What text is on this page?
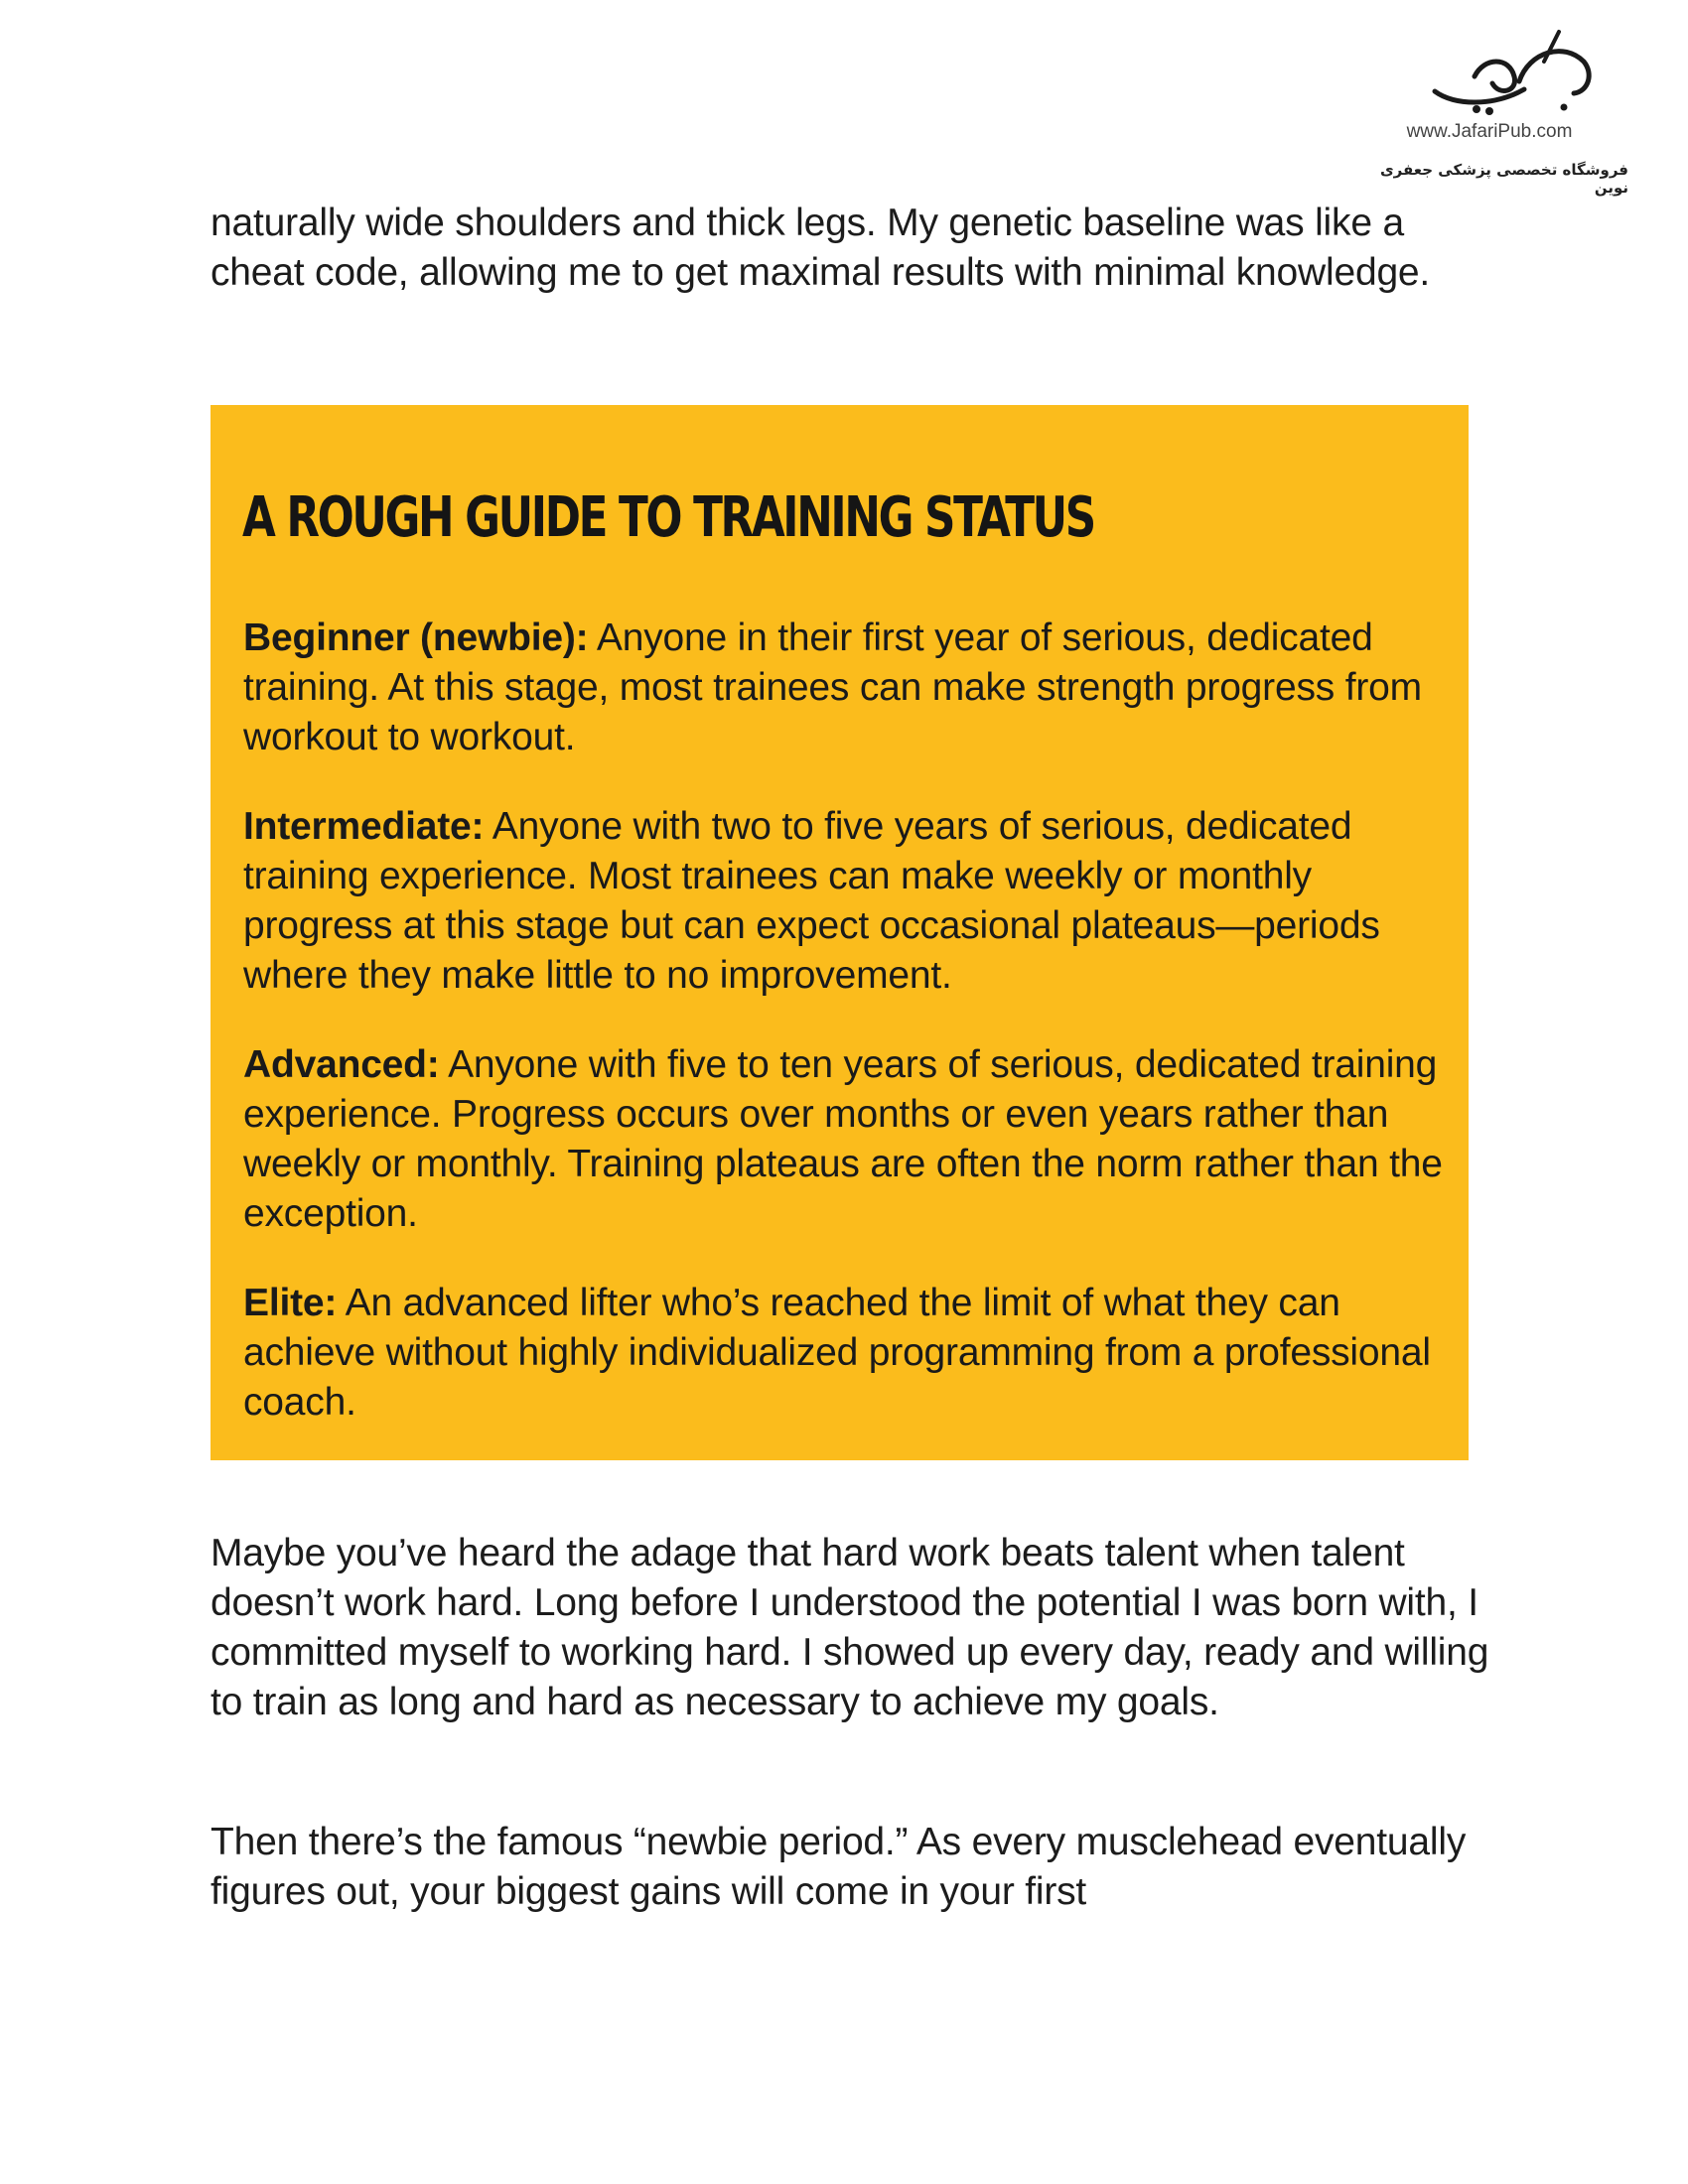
www.JafariPub.com
فروشگاه تخصصی پزشکی جعفری نوین

naturally wide shoulders and thick legs. My genetic baseline was like a cheat code, allowing me to get maximal results with minimal knowledge.

A ROUGH GUIDE TO TRAINING STATUS

Beginner (newbie): Anyone in their first year of serious, dedicated training. At this stage, most trainees can make strength progress from workout to workout.

Intermediate: Anyone with two to five years of serious, dedicated training experience. Most trainees can make weekly or monthly progress at this stage but can expect occasional plateaus—periods where they make little to no improvement.

Advanced: Anyone with five to ten years of serious, dedicated training experience. Progress occurs over months or even years rather than weekly or monthly. Training plateaus are often the norm rather than the exception.

Elite: An advanced lifter who’s reached the limit of what they can achieve without highly individualized programming from a professional coach.

Maybe you’ve heard the adage that hard work beats talent when talent doesn’t work hard. Long before I understood the potential I was born with, I committed myself to working hard. I showed up every day, ready and willing to train as long and hard as necessary to achieve my goals.

Then there’s the famous “newbie period.” As every musclehead eventually figures out, your biggest gains will come in your first
